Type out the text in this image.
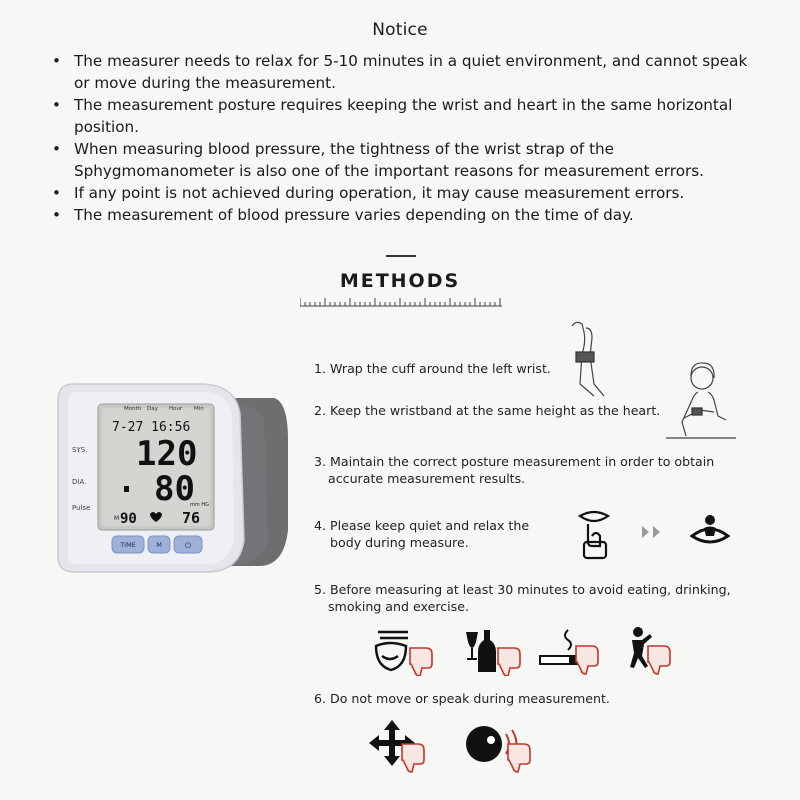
Notice
• The measurer needs to relax for 5-10 minutes in a quiet environment, and cannot speak or move during the measurement.
• The measurement posture requires keeping the wrist and heart in the same horizontal position.
• When measuring blood pressure, the tightness of the wrist strap of the Sphygmomanometer is also one of the important reasons for measurement errors.
• If any point is not achieved during operation, it may cause measurement errors.
• The measurement of blood pressure varies depending on the time of day.
METHODS
Month Day Hour Min
7-27 16:56
120
80
mm HG
M 90	76
SYS.
DIA.
Pulse
TIME	M	⏻
1. Wrap the cuff around the left wrist.
2. Keep the wristband at the same height as the heart.
3. Maintain the correct posture measurement in order to obtain
accurate measurement results.
4. Please keep quiet and relax the
body during measure.
5. Before measuring at least 30 minutes to avoid eating, drinking,
smoking and exercise.
6. Do not move or speak during measurement.
